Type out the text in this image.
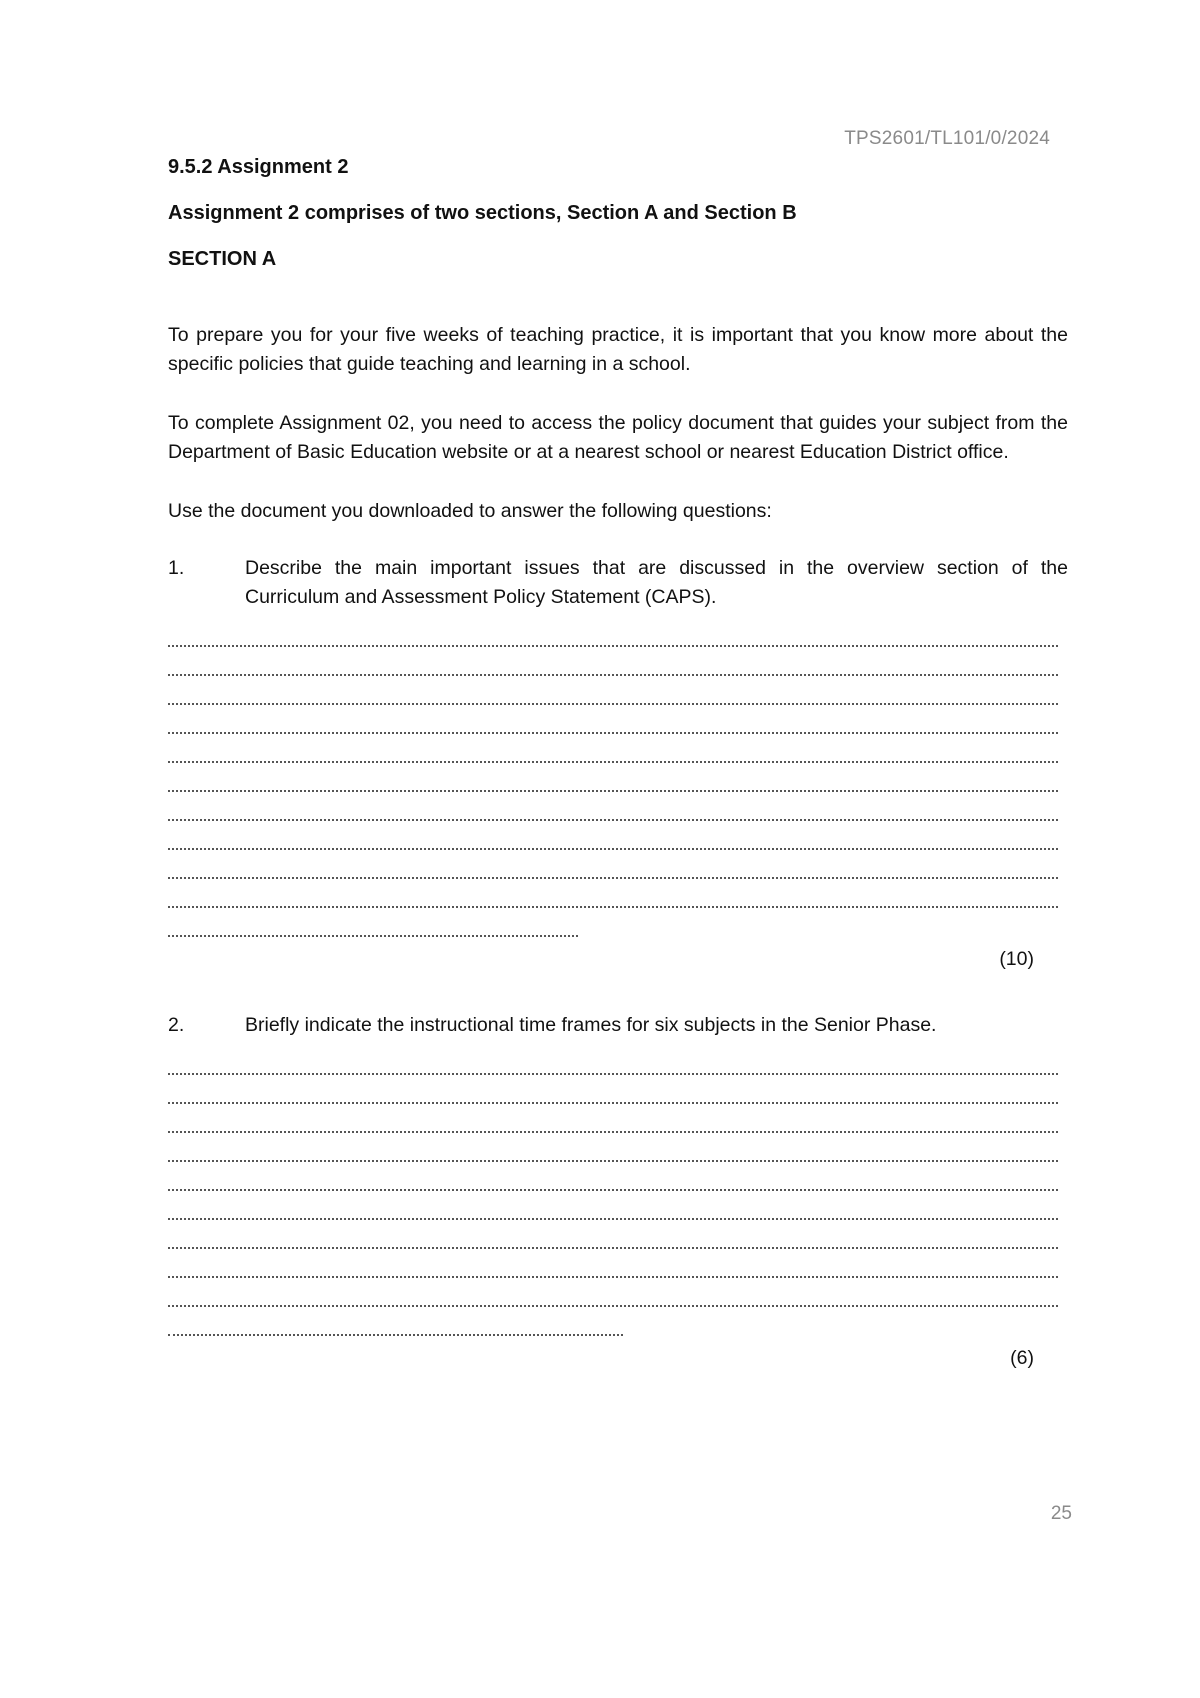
TPS2601/TL101/0/2024

9.5.2 Assignment 2

Assignment 2 comprises of two sections, Section A and Section B

SECTION A

To prepare you for your five weeks of teaching practice, it is important that you know more about the specific policies that guide teaching and learning in a school.

To complete Assignment 02, you need to access the policy document that guides your subject from the Department of Basic Education website or at a nearest school or nearest Education District office.

Use the document you downloaded to answer the following questions:

1.	Describe the main important issues that are discussed in the overview section of the Curriculum and Assessment Policy Statement (CAPS).
(10)
2.	Briefly indicate the instructional time frames for six subjects in the Senior Phase.
(6)
25
